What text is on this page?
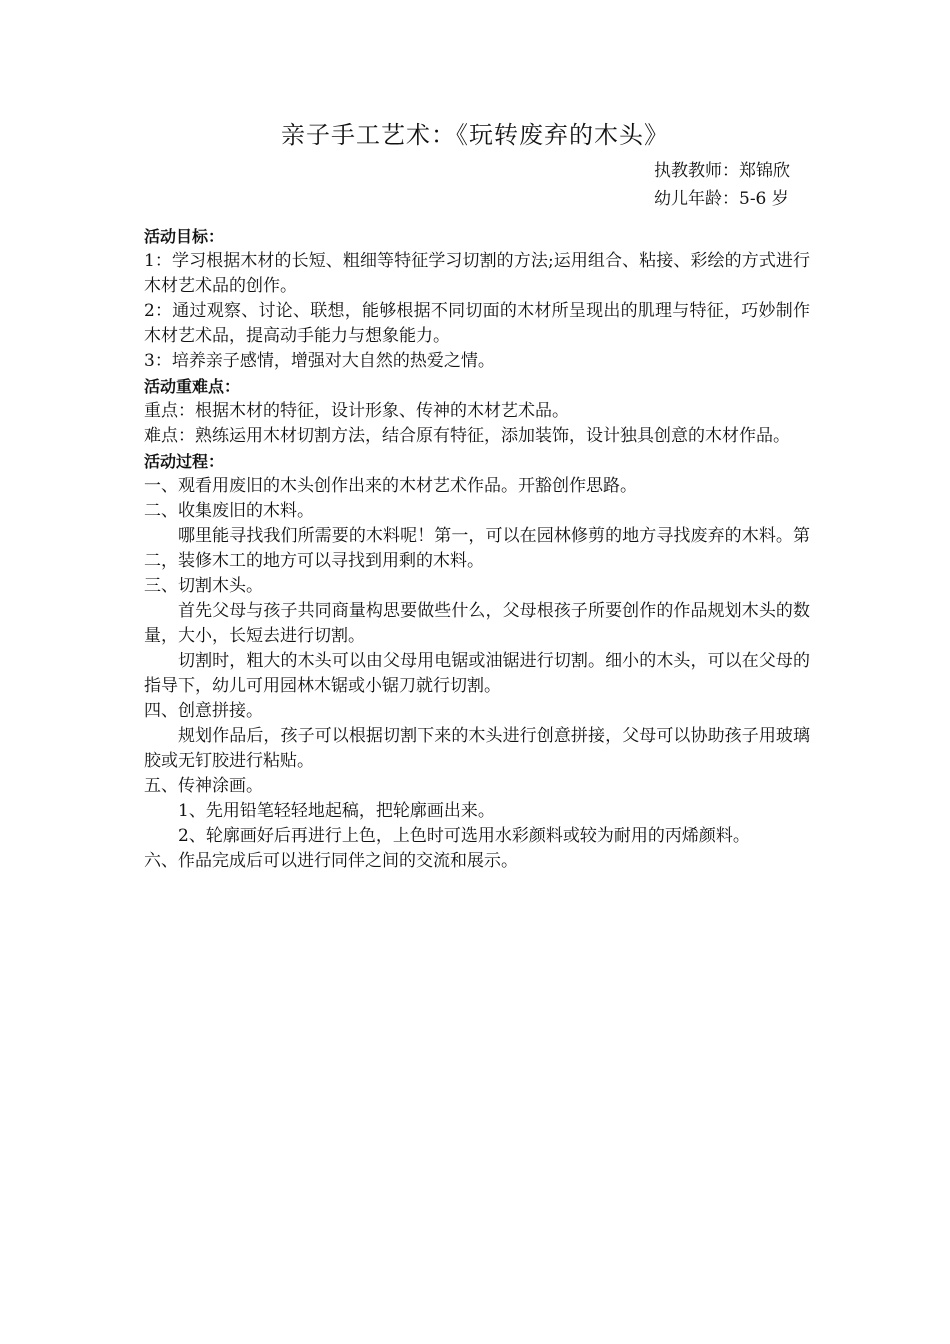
亲子手工艺术：《玩转废弃的木头》
执教教师：郑锦欣
幼儿年龄：5-6 岁

活动目标：

1：学习根据木材的长短、粗细等特征学习切割的方法;运用组合、粘接、彩绘的方式进行木材艺术品的创作。

2：通过观察、讨论、联想，能够根据不同切面的木材所呈现出的肌理与特征，巧妙制作木材艺术品，提高动手能力与想象能力。

3：培养亲子感情，增强对大自然的热爱之情。

活动重难点：

重点：根据木材的特征，设计形象、传神的木材艺术品。

难点：熟练运用木材切割方法，结合原有特征，添加装饰，设计独具创意的木材作品。

活动过程：

一、观看用废旧的木头创作出来的木材艺术作品。开豁创作思路。

二、收集废旧的木料。

哪里能寻找我们所需要的木料呢！第一，可以在园林修剪的地方寻找废弃的木料。第二，装修木工的地方可以寻找到用剩的木料。

三、切割木头。

首先父母与孩子共同商量构思要做些什么，父母根孩子所要创作的作品规划木头的数量，大小，长短去进行切割。

切割时，粗大的木头可以由父母用电锯或油锯进行切割。细小的木头，可以在父母的指导下，幼儿可用园林木锯或小锯刀就行切割。

四、创意拼接。

规划作品后，孩子可以根据切割下来的木头进行创意拼接，父母可以协助孩子用玻璃胶或无钉胶进行粘贴。

五、传神涂画。

1、先用铅笔轻轻地起稿，把轮廓画出来。

2、轮廓画好后再进行上色，上色时可选用水彩颜料或较为耐用的丙烯颜料。

六、作品完成后可以进行同伴之间的交流和展示。
